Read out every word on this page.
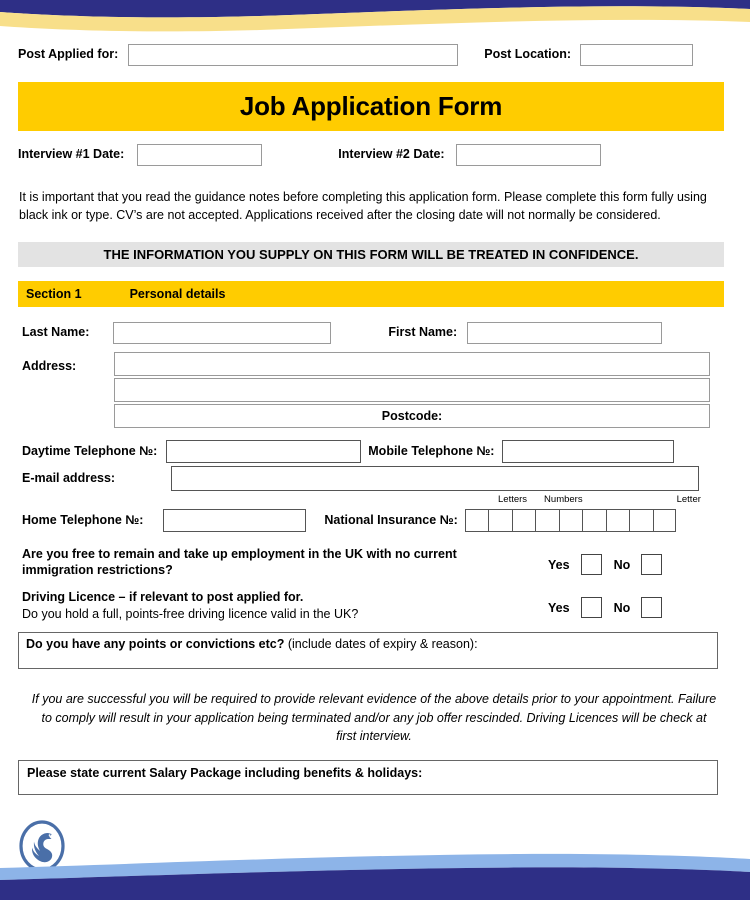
Post Applied for:	Post Location:
Job Application Form
Interview #1 Date:	Interview #2 Date:
It is important that you read the guidance notes before completing this application form. Please complete this form fully using black ink or type. CV’s are not accepted. Applications received after the closing date will not normally be considered.
THE INFORMATION YOU SUPPLY ON THIS FORM WILL BE TREATED IN CONFIDENCE.
Section 1	Personal details
Last Name:	First Name:
Address:
Postcode:
Daytime Telephone №:	Mobile Telephone №:
E-mail address:
Letters Numbers	Letter
Home Telephone №:	National Insurance №:
Are you free to remain and take up employment in the UK with no current immigration restrictions?	Yes	No
Driving Licence – if relevant to post applied for.
Do you hold a full, points-free driving licence valid in the UK?	Yes	No
Do you have any points or convictions etc? (include dates of expiry & reason):
If you are successful you will be required to provide relevant evidence of the above details prior to your appointment. Failure to comply will result in your application being terminated and/or any job offer rescinded. Driving Licences will be check at first interview.
Please state current Salary Package including benefits & holidays:
